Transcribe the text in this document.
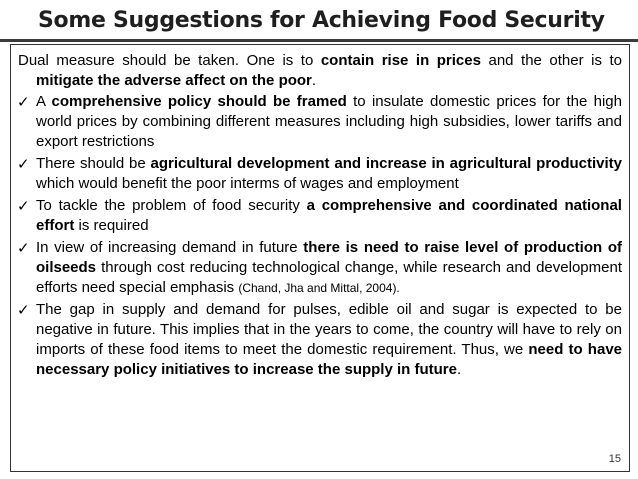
Some Suggestions for Achieving Food Security

Dual measure should be taken. One is to contain rise in prices and the other is to mitigate the adverse affect on the poor.

✓ A comprehensive policy should be framed to insulate domestic prices for the high world prices by combining different measures including high subsidies, lower tariffs and export restrictions
✓ There should be agricultural development and increase in agricultural productivity which would benefit the poor interms of wages and employment
✓ To tackle the problem of food security a comprehensive and coordinated national effort is required
✓ In view of increasing demand in future there is need to raise level of production of oilseeds through cost reducing technological change, while research and development efforts need special emphasis (Chand, Jha and Mittal, 2004).
✓ The gap in supply and demand for pulses, edible oil and sugar is expected to be negative in future. This implies that in the years to come, the country will have to rely on imports of these food items to meet the domestic requirement. Thus, we need to have necessary policy initiatives to increase the supply in future.
15
